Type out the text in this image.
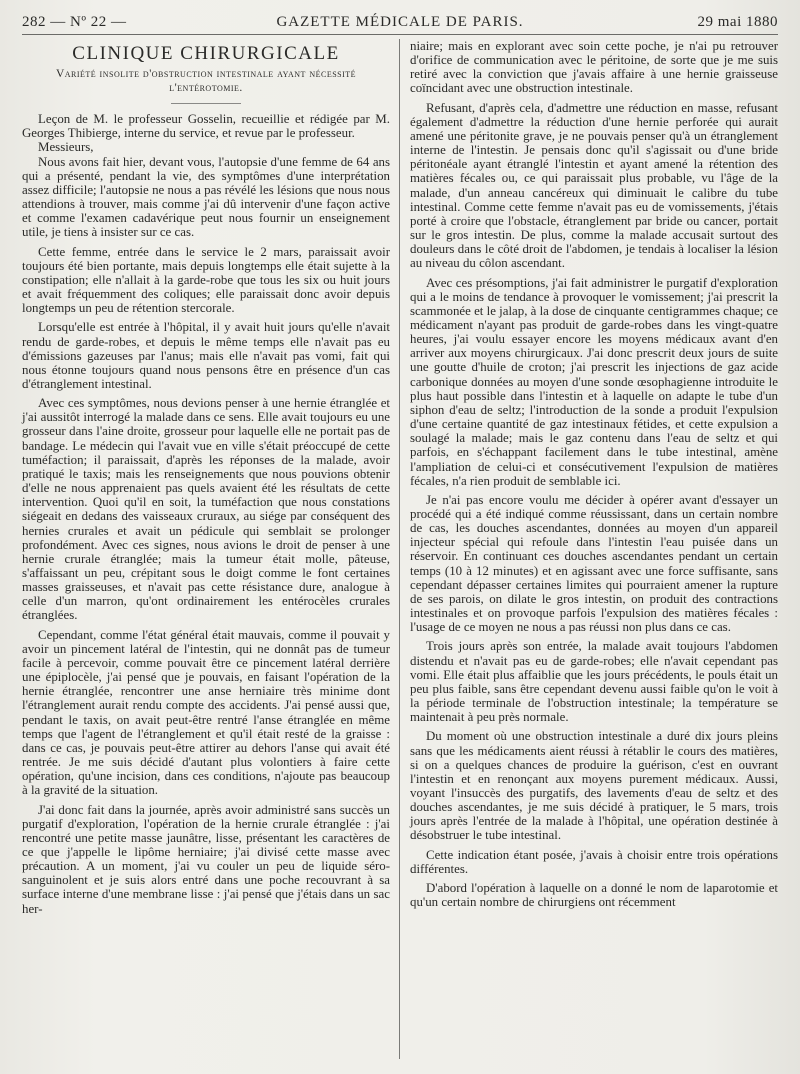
282 — Nº 22 —	GAZETTE MÉDICALE DE PARIS.	29 mai 1880
CLINIQUE CHIRURGICALE
Variété insolite d'obstruction intestinale ayant nécessité l'entérotomie.

Leçon de M. le professeur Gosselin, recueillie et rédigée par M. Georges Thibierge, interne du service, et revue par le professeur.

Messieurs,

Nous avons fait hier, devant vous, l'autopsie d'une femme de 64 ans qui a présenté, pendant la vie, des symptômes d'une interprétation assez difficile; l'autopsie ne nous a pas révélé les lésions que nous nous attendions à trouver, mais comme j'ai dû intervenir d'une façon active et comme l'examen cadavérique peut nous fournir un enseignement utile, je tiens à insister sur ce cas.

Cette femme, entrée dans le service le 2 mars, paraissait avoir toujours été bien portante, mais depuis longtemps elle était sujette à la constipation; elle n'allait à la garde-robe que tous les six ou huit jours et avait fréquemment des coliques; elle paraissait donc avoir depuis longtemps un peu de rétention stercorale.

Lorsqu'elle est entrée à l'hôpital, il y avait huit jours qu'elle n'avait rendu de garde-robes, et depuis le même temps elle n'avait pas eu d'émissions gazeuses par l'anus; mais elle n'avait pas vomi, fait qui nous étonne toujours quand nous pensons être en présence d'un cas d'étranglement intestinal.

Avec ces symptômes, nous devions penser à une hernie étranglée et j'ai aussitôt interrogé la malade dans ce sens. Elle avait toujours eu une grosseur dans l'aine droite, grosseur pour laquelle elle ne portait pas de bandage. Le médecin qui l'avait vue en ville s'était préoccupé de cette tuméfaction; il paraissait, d'après les réponses de la malade, avoir pratiqué le taxis; mais les renseignements que nous pouvions obtenir d'elle ne nous apprenaient pas quels avaient été les résultats de cette intervention. Quoi qu'il en soit, la tuméfaction que nous constations siégeait en dedans des vaisseaux cruraux, au siége par conséquent des hernies crurales et avait un pédicule qui semblait se prolonger profondément. Avec ces signes, nous avions le droit de penser à une hernie crurale étranglée; mais la tumeur était molle, pâteuse, s'affaissant un peu, crépitant sous le doigt comme le font certaines masses graisseuses, et n'avait pas cette résistance dure, analogue à celle d'un marron, qu'ont ordinairement les entérocèles crurales étranglées.

Cependant, comme l'état général était mauvais, comme il pouvait y avoir un pincement latéral de l'intestin, qui ne donnât pas de tumeur facile à percevoir, comme pouvait être ce pincement latéral derrière une épiplocèle, j'ai pensé que je pouvais, en faisant l'opération de la hernie étranglée, rencontrer une anse herniaire très minime dont l'étranglement aurait rendu compte des accidents. J'ai pensé aussi que, pendant le taxis, on avait peut-être rentré l'anse étranglée en même temps que l'agent de l'étranglement et qu'il était resté de la graisse : dans ce cas, je pouvais peut-être attirer au dehors l'anse qui avait été rentrée. Je me suis décidé d'autant plus volontiers à faire cette opération, qu'une incision, dans ces conditions, n'ajoute pas beaucoup à la gravité de la situation.

J'ai donc fait dans la journée, après avoir administré sans succès un purgatif d'exploration, l'opération de la hernie crurale étranglée : j'ai rencontré une petite masse jaunâtre, lisse, présentant les caractères de ce que j'appelle le lipôme herniaire; j'ai divisé cette masse avec précaution. A un moment, j'ai vu couler un peu de liquide séro-sanguinolent et je suis alors entré dans une poche recouvrant à sa surface interne d'une membrane lisse : j'ai pensé que j'étais dans un sac her-

niaire; mais en explorant avec soin cette poche, je n'ai pu retrouver d'orifice de communication avec le péritoine, de sorte que je me suis retiré avec la conviction que j'avais affaire à une hernie graisseuse coïncidant avec une obstruction intestinale.

Refusant, d'après cela, d'admettre une réduction en masse, refusant également d'admettre la réduction d'une hernie perforée qui aurait amené une péritonite grave, je ne pouvais penser qu'à un étranglement interne de l'intestin. Je pensais donc qu'il s'agissait ou d'une bride péritonéale ayant étranglé l'intestin et ayant amené la rétention des matières fécales ou, ce qui paraissait plus probable, vu l'âge de la malade, d'un anneau cancéreux qui diminuait le calibre du tube intestinal. Comme cette femme n'avait pas eu de vomissements, j'étais porté à croire que l'obstacle, étranglement par bride ou cancer, portait sur le gros intestin. De plus, comme la malade accusait surtout des douleurs dans le côté droit de l'abdomen, je tendais à localiser la lésion au niveau du côlon ascendant.

Avec ces présomptions, j'ai fait administrer le purgatif d'exploration qui a le moins de tendance à provoquer le vomissement; j'ai prescrit la scammonée et le jalap, à la dose de cinquante centigrammes chaque; ce médicament n'ayant pas produit de garde-robes dans les vingt-quatre heures, j'ai voulu essayer encore les moyens médicaux avant d'en arriver aux moyens chirurgicaux. J'ai donc prescrit deux jours de suite une goutte d'huile de croton; j'ai prescrit les injections de gaz acide carbonique données au moyen d'une sonde œsophagienne introduite le plus haut possible dans l'intestin et à laquelle on adapte le tube d'un siphon d'eau de seltz; l'introduction de la sonde a produit l'expulsion d'une certaine quantité de gaz intestinaux fétides, et cette expulsion a soulagé la malade; mais le gaz contenu dans l'eau de seltz et qui parfois, en s'échappant facilement dans le tube intestinal, amène l'ampliation de celui-ci et consécutivement l'expulsion de matières fécales, n'a rien produit de semblable ici.

Je n'ai pas encore voulu me décider à opérer avant d'essayer un procédé qui a été indiqué comme réussissant, dans un certain nombre de cas, les douches ascendantes, données au moyen d'un appareil injecteur spécial qui refoule dans l'intestin l'eau puisée dans un réservoir. En continuant ces douches ascendantes pendant un certain temps (10 à 12 minutes) et en agissant avec une force suffisante, sans cependant dépasser certaines limites qui pourraient amener la rupture de ses parois, on dilate le gros intestin, on produit des contractions intestinales et on provoque parfois l'expulsion des matières fécales : l'usage de ce moyen ne nous a pas réussi non plus dans ce cas.

Trois jours après son entrée, la malade avait toujours l'abdomen distendu et n'avait pas eu de garde-robes; elle n'avait cependant pas vomi. Elle était plus affaiblie que les jours précédents, le pouls était un peu plus faible, sans être cependant devenu aussi faible qu'on le voit à la période terminale de l'obstruction intestinale; la température se maintenait à peu près normale.

Du moment où une obstruction intestinale a duré dix jours pleins sans que les médicaments aient réussi à rétablir le cours des matières, si on a quelques chances de produire la guérison, c'est en ouvrant l'intestin et en renonçant aux moyens purement médicaux. Aussi, voyant l'insuccès des purgatifs, des lavements d'eau de seltz et des douches ascendantes, je me suis décidé à pratiquer, le 5 mars, trois jours après l'entrée de la malade à l'hôpital, une opération destinée à désobstruer le tube intestinal.

Cette indication étant posée, j'avais à choisir entre trois opérations différentes.

D'abord l'opération à laquelle on a donné le nom de laparotomie et qu'un certain nombre de chirurgiens ont récemment
